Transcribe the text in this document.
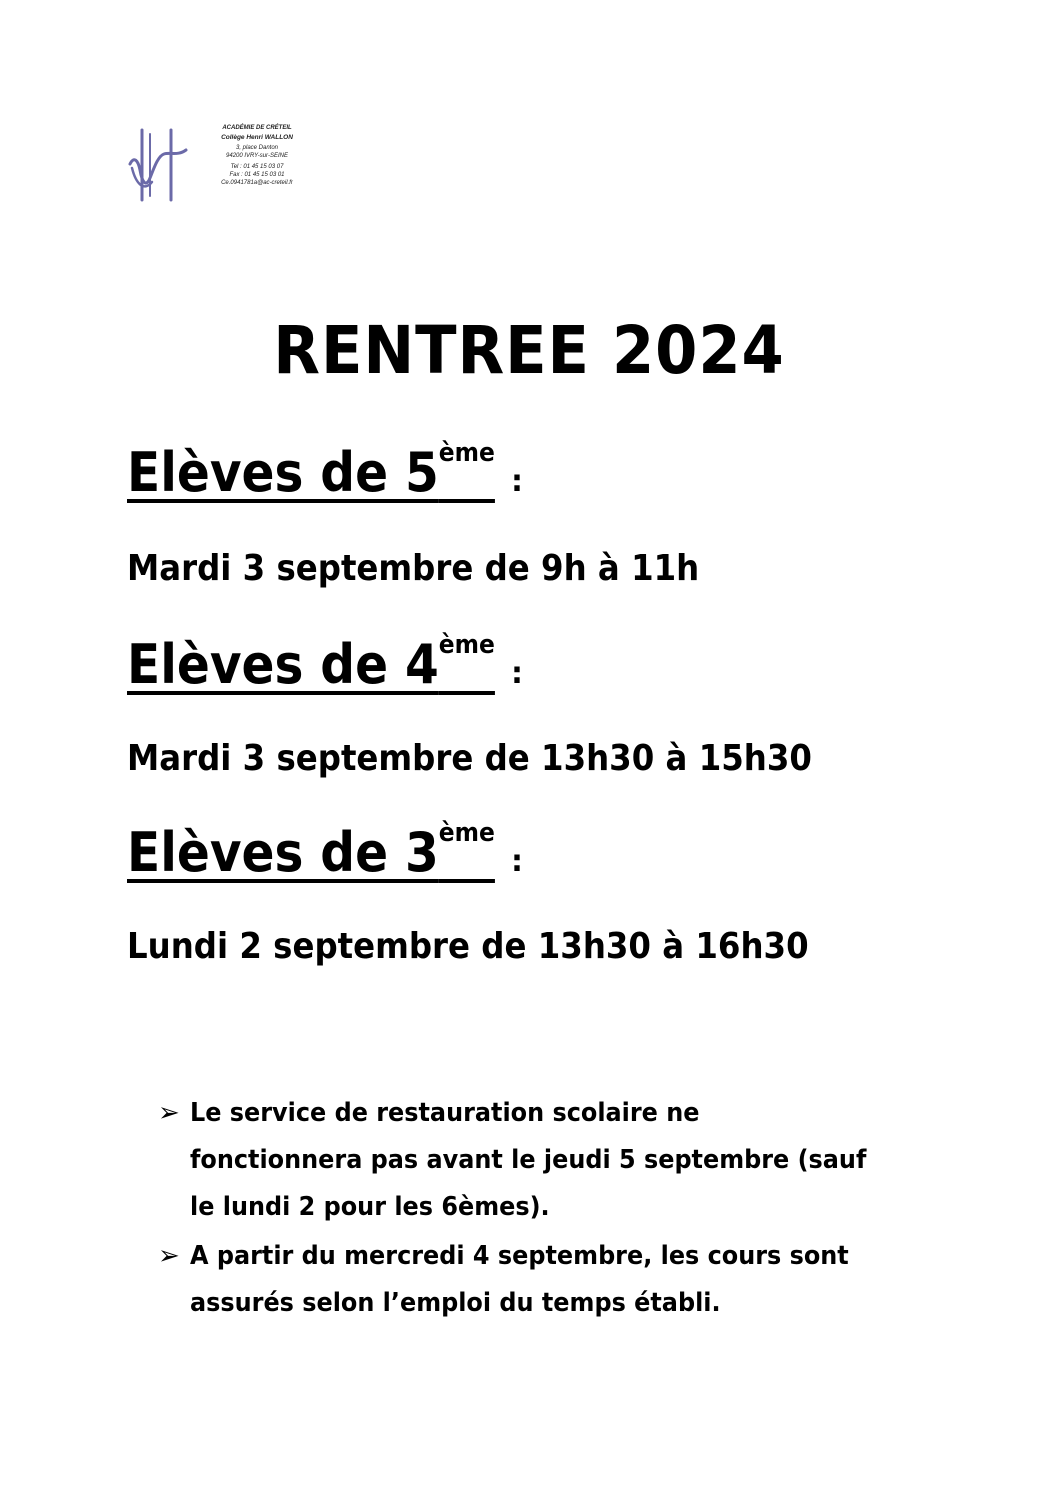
ACADÉMIE DE CRÉTEIL
Collège Henri WALLON
3, place Danton
94200 IVRY-sur-SEINE
Tel : 01 45 15 03 07
Fax : 01 45 15 03 01
Ce.0941781a@ac-creteil.fr
RENTREE 2024
Elèves de 5ème
:
Mardi 3 septembre de 9h à 11h
Elèves de 4ème
:
Mardi 3 septembre de 13h30 à 15h30
Elèves de 3ème
:
Lundi 2 septembre de 13h30 à 16h30
➢ Le service de restauration scolaire ne
fonctionnera pas avant le jeudi 5 septembre (sauf
le lundi 2 pour les 6èmes).
➢ A partir du mercredi 4 septembre, les cours sont
assurés selon l’emploi du temps établi.
